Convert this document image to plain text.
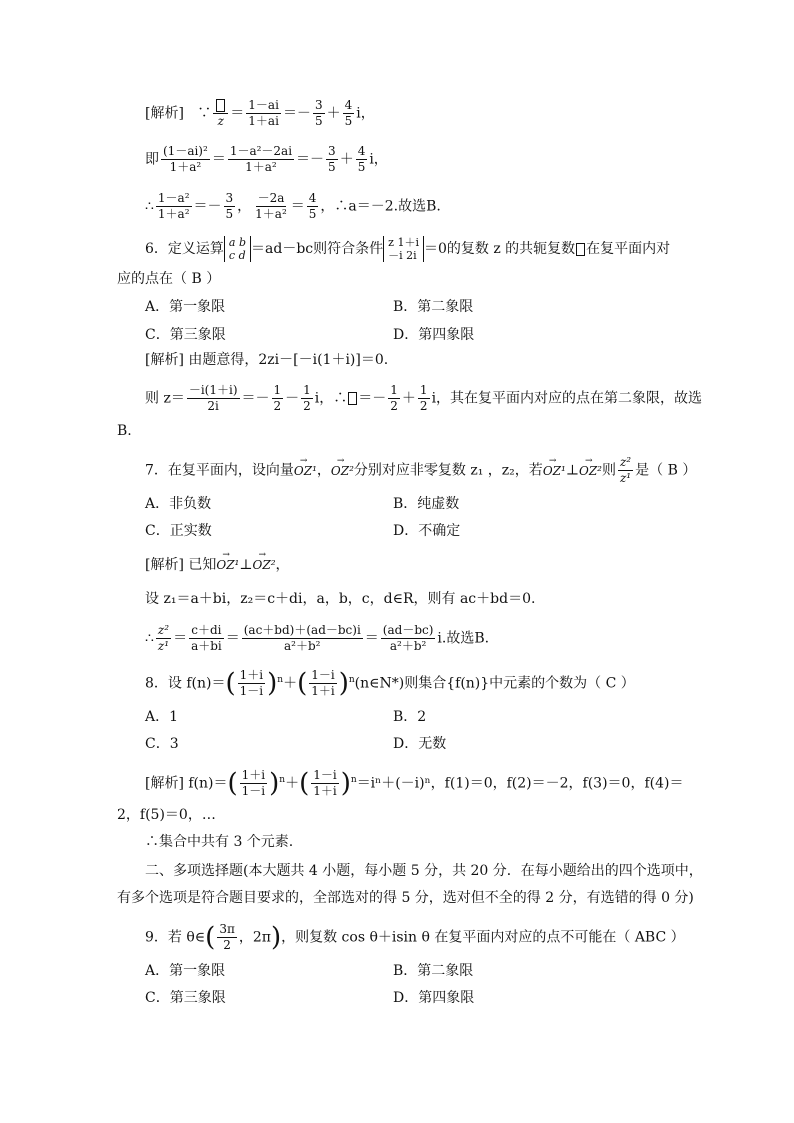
[解析] ∵ $z = \frac{1-ai}{1+ai} =- \frac{3}{5} + \frac{4}{5}$ i，
即 $\frac{\text{(1－ai)²}}{\text{1＋a²}} = \frac{\text{1－a²－2ai}}{\text{1＋a²}} =- \frac{3}{5} + \frac{4}{5}$ i，
∴ $\frac{\text{1－a²}}{\text{1＋a²}} =- \frac{3}{5}$ ， $\frac{-2a}{\text{1＋a²}} = \frac{4}{5}$ ，∴a＝－2.故选B.
6．定义运算 a b
c d ＝ad－bc则符合条件 z 1＋i
－i 2i ＝0的复数 z 的共轭复数 在复平面内对
应的点在（ B ）
A．第一象限	B．第二象限
C．第三象限	D．第四象限
[解析] 由题意得，2zi－[－i(1＋i)]＝0.
则 $z= \frac{-i(1+i)}{2i} =- \frac{1}{2} - \frac{1}{2}$ i，∴ ＝－ $\frac{1}{2} + \frac{1}{2}$ i，其在复平面内对应的点在第二象限，故选
B.
7．在复平面内，设向量→ OZ¹，→ OZ²分别对应非零复数 z₁ ，z₂，若→ OZ¹⊥→ OZ²则 $\frac{\text{z²}}{\text{z¹}}$ 是（ B ）
A．非负数	B．纯虚数
C．正实数	D．不确定
[解析] 已知→ OZ¹⊥→ OZ²，
设 z₁＝a＋bi，z₂＝c＋di，a，b，c，d∈R，则有 ac＋bd＝0.
∴ $\frac{\text{z²}}{\text{z¹}} = \frac{c+di}{a+bi} = \frac{(ac+bd)+(ad-bc)i}{\text{a²＋b²}} = \frac{(ad-bc)}{\text{a²＋b²}} i$.故选B.
8．设 $f(n)=( \frac{1+i}{1-i} )^n+( \frac{1-i}{1+i}$ )$^n(n\in N*)$则集合{f(n)}中元素的个数为（ C ）
A．1	B．2
C．3	D．无数
[解析] $f(n)=( \frac{1+i}{1-i} )^n+( \frac{1-i}{1+i} )^n=i^n+(-i)^n$，f(1)＝0，f(2)＝－2，f(3)＝0，f(4)＝
2，f(5)＝0，…
∴集合中共有 3 个元素.
二、多项选择题(本大题共 4 小题，每小题 5 分，共 20 分．在每小题给出的四个选项中，
有多个选项是符合题目要求的，全部选对的得 5 分，选对但不全的得 2 分，有选错的得 0 分)
9．若 θ∈( $\frac{3\pi}{2}$ ，2π)，则复数 cos θ＋isin θ 在复平面内对应的点不可能在（ ABC ）
A．第一象限	B．第二象限
C．第三象限	D．第四象限
